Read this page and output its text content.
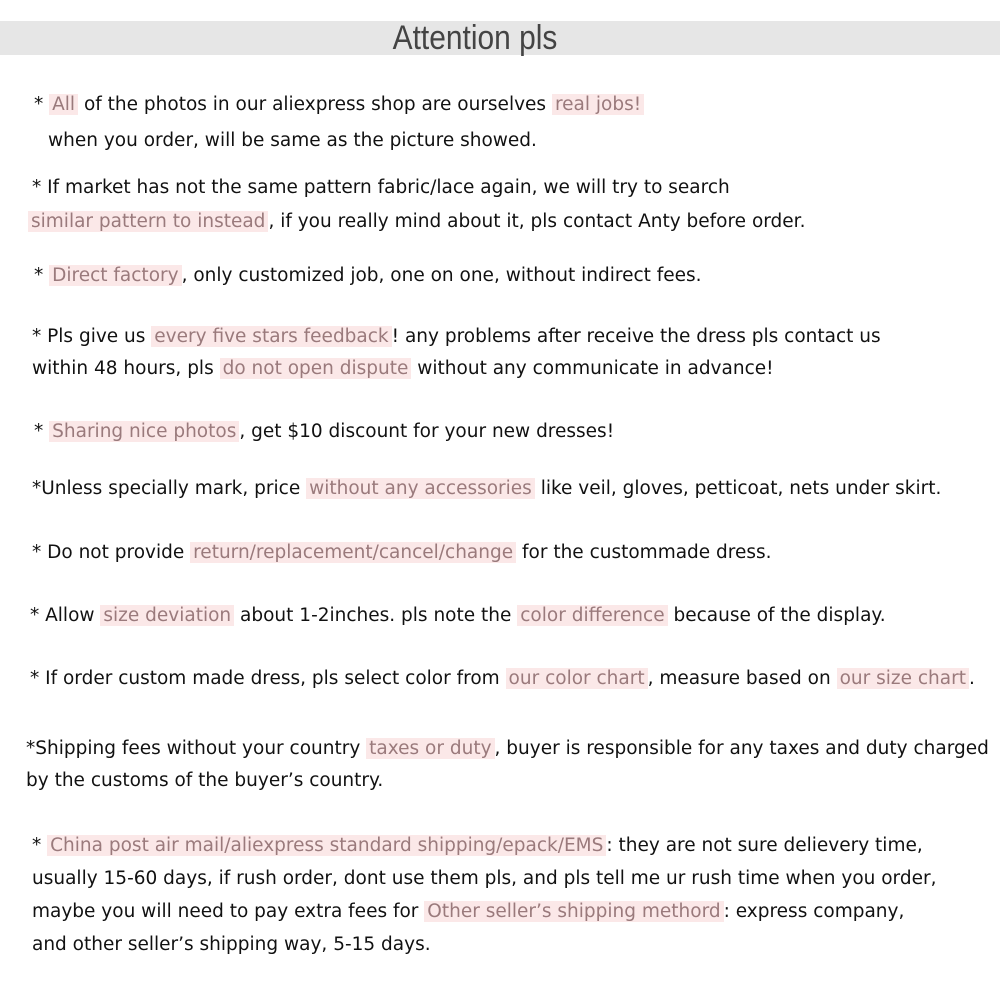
Attention pls
* All of the photos in our aliexpress shop are ourselves real jobs!
when you order, will be same as the picture showed.
* If market has not the same pattern fabric/lace again, we will try to search
similar pattern to instead , if you really mind about it, pls contact Anty before order.
* Direct factory , only customized job, one on one, without indirect fees.
* Pls give us every five stars feedback ! any problems after receive the dress pls contact us
within 48 hours, pls do not open dispute without any communicate in advance!
* Sharing nice photos , get $10 discount for your new dresses!
*Unless specially mark, price without any accessories like veil, gloves, petticoat, nets under skirt.
* Do not provide return/replacement/cancel/change for the custommade dress.
* Allow size deviation about 1-2inches. pls note the color difference because of the display.
* If order custom made dress, pls select color from our color chart , measure based on our size chart .
*Shipping fees without your country taxes or duty , buyer is responsible for any taxes and duty charged
by the customs of the buyer’s country.
* China post air mail/aliexpress standard shipping/epack/EMS : they are not sure delievery time,
usually 15-60 days, if rush order, dont use them pls, and pls tell me ur rush time when you order,
maybe you will need to pay extra fees for Other seller’s shipping methord : express company,
and other seller’s shipping way, 5-15 days.
